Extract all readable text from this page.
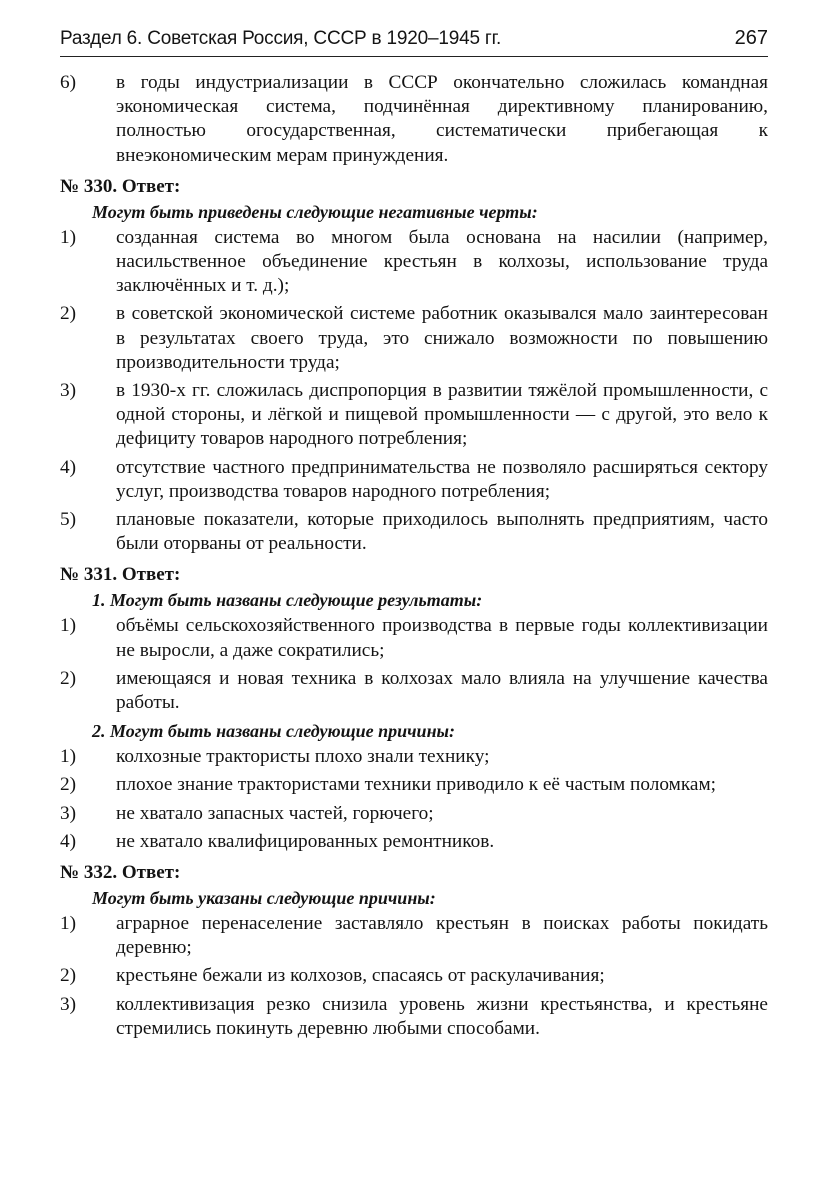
Раздел 6. Советская Россия, СССР в 1920–1945 гг.	267
6)	в годы индустриализации в СССР окончательно сложилась командная экономическая система, подчинённая директивному планированию, полностью огосударственная, систематически прибегающая к внеэкономическим мерам принуждения.
№ 330. Ответ:
Могут быть приведены следующие негативные черты:
1)	созданная система во многом была основана на насилии (например, насильственное объединение крестьян в колхозы, использование труда заключённых и т. д.);
2)	в советской экономической системе работник оказывался мало заинтересован в результатах своего труда, это снижало возможности по повышению производительности труда;
3)	в 1930-х гг. сложилась диспропорция в развитии тяжёлой промышленности, с одной стороны, и лёгкой и пищевой промышленности — с другой, это вело к дефициту товаров народного потребления;
4)	отсутствие частного предпринимательства не позволяло расширяться сектору услуг, производства товаров народного потребления;
5)	плановые показатели, которые приходилось выполнять предприятиям, часто были оторваны от реальности.
№ 331. Ответ:
1. Могут быть названы следующие результаты:
1)	объёмы сельскохозяйственного производства в первые годы коллективизации не выросли, а даже сократились;
2)	имеющаяся и новая техника в колхозах мало влияла на улучшение качества работы.
2. Могут быть названы следующие причины:
1)	колхозные трактористы плохо знали технику;
2)	плохое знание трактористами техники приводило к её частым поломкам;
3)	не хватало запасных частей, горючего;
4)	не хватало квалифицированных ремонтников.
№ 332. Ответ:
Могут быть указаны следующие причины:
1)	аграрное перенаселение заставляло крестьян в поисках работы покидать деревню;
2)	крестьяне бежали из колхозов, спасаясь от раскулачивания;
3)	коллективизация резко снизила уровень жизни крестьянства, и крестьяне стремились покинуть деревню любыми способами.
